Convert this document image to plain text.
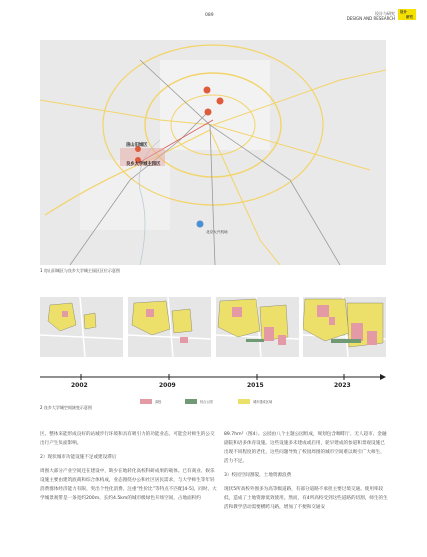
089	设计与研究
DESIGN AND RESEARCH
设计
研究
房山旧城区
良乡大学城主园区
北京大兴机场
1 房山旧城区与良乡大学城主园区区位示意图
2002	2009	2015	2023
高校	综合公园	城市建成区域
2 良乡大学城空间演变示意图

区。整体来能形成良好的站城步行环境和具有吸引力的功能业态，可能会对师生的公交出行产生负面影响。

2）现状城市功能设施不足或建设滞后

周围大部分产业空间还在建设中，缺少在地转化高校科研成果的载体。已有商业、娱乐设施主要由建筑底商和综合体构成，业态围绕办公和社区居民需求，与大学师生等年轻消费群体经济能力有限、突出个性化消费、注重“性价比”等特点不匹配[4-5]。同时，大学城景观带是一条宽约200m、长约4.5km的城市级绿色开场空间，占地面积约

89.7hm²（图4）。公园由八个主题公园组成，规划包含咖啡厅、无人超市、金融副院和语多体育设施。这些设施多未建成或启用，轮早建成的参道和景观设施已出现不同程度的老化，这些问题导致了校园周围的城市空间难以吸引广大师生，活力不足。

3）校园空间割裂，土地资源浪费

现状5所高校外围多为高等级道路，有部分道路不承担主要过境交通。使用率较低，造成了土地资源低效使用。然而，有4所高校受到这些道路的切割，师生的生活和教学活动需要横跨马路，增加了不便和交通安
